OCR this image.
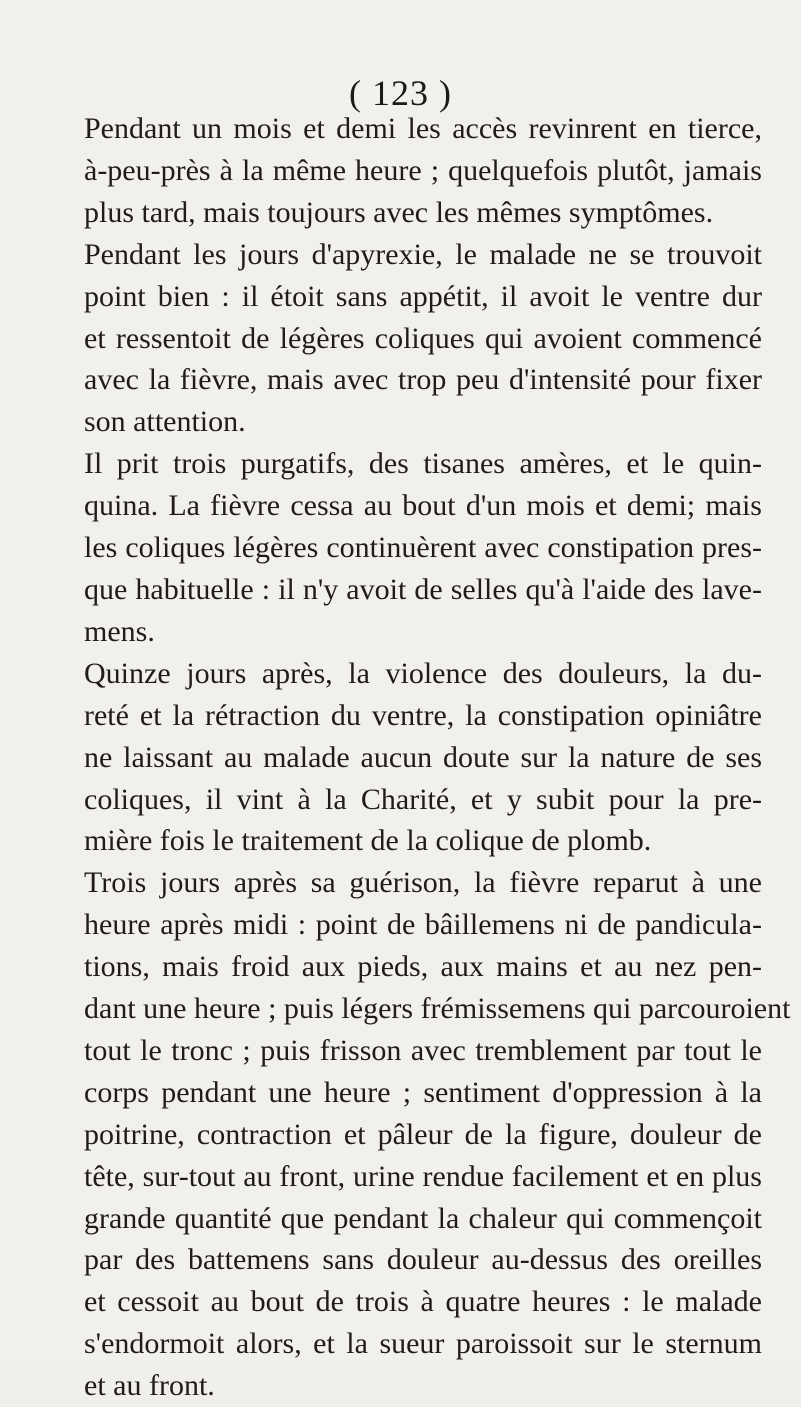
( 123 )
Pendant un mois et demi les accès revinrent en tierce,
à-peu-près à la même heure ; quelquefois plutôt, jamais
plus tard, mais toujours avec les mêmes symptômes.
Pendant les jours d'apyrexie, le malade ne se trouvoit
point bien : il étoit sans appétit, il avoit le ventre dur
et ressentoit de légères coliques qui avoient commencé
avec la fièvre, mais avec trop peu d'intensité pour fixer
son attention.
Il prit trois purgatifs, des tisanes amères, et le quin-
quina. La fièvre cessa au bout d'un mois et demi; mais
les coliques légères continuèrent avec constipation pres-
que habituelle : il n'y avoit de selles qu'à l'aide des lave-
mens.
Quinze jours après, la violence des douleurs, la du-
reté et la rétraction du ventre, la constipation opiniâtre
ne laissant au malade aucun doute sur la nature de ses
coliques, il vint à la Charité, et y subit pour la pre-
mière fois le traitement de la colique de plomb.
Trois jours après sa guérison, la fièvre reparut à une
heure après midi : point de bâillemens ni de pandicula-
tions, mais froid aux pieds, aux mains et au nez pen-
dant une heure ; puis légers frémissemens qui parcouroient
tout le tronc ; puis frisson avec tremblement par tout le
corps pendant une heure ; sentiment d'oppression à la
poitrine, contraction et pâleur de la figure, douleur de
tête, sur-tout au front, urine rendue facilement et en plus
grande quantité que pendant la chaleur qui commençoit
par des battemens sans douleur au-dessus des oreilles
et cessoit au bout de trois à quatre heures : le malade
s'endormoit alors, et la sueur paroissoit sur le sternum
et au front.
